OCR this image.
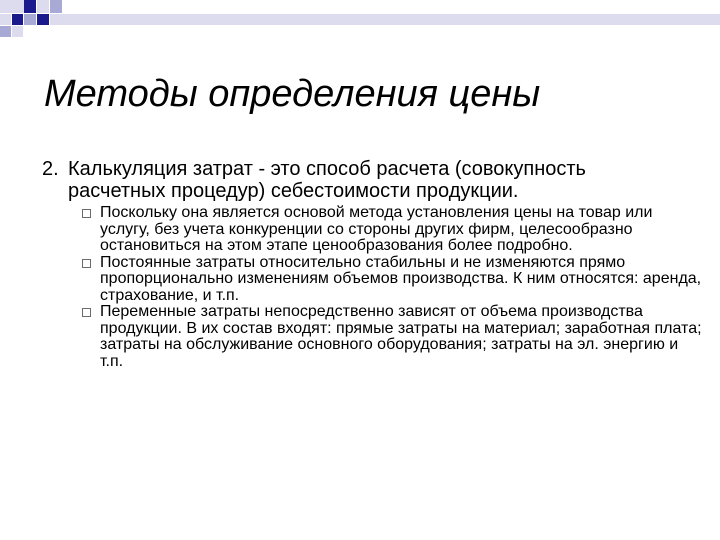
Методы определения цены
2. Калькуляция затрат - это способ расчета (совокупность расчетных процедур) себестоимости продукции.
Поскольку она является основой метода установления цены на товар или услугу, без учета конкуренции со стороны других фирм, целесообразно остановиться на этом этапе ценообразования более подробно.
Постоянные затраты относительно стабильны и не изменяются прямо пропорционально изменениям объемов производства. К ним относятся: аренда, страхование, и т.п.
Переменные затраты непосредственно зависят от объема производства продукции. В их состав входят: прямые затраты на материал; заработная плата; затраты на обслуживание основного оборудования; затраты на эл. энергию и т.п.
